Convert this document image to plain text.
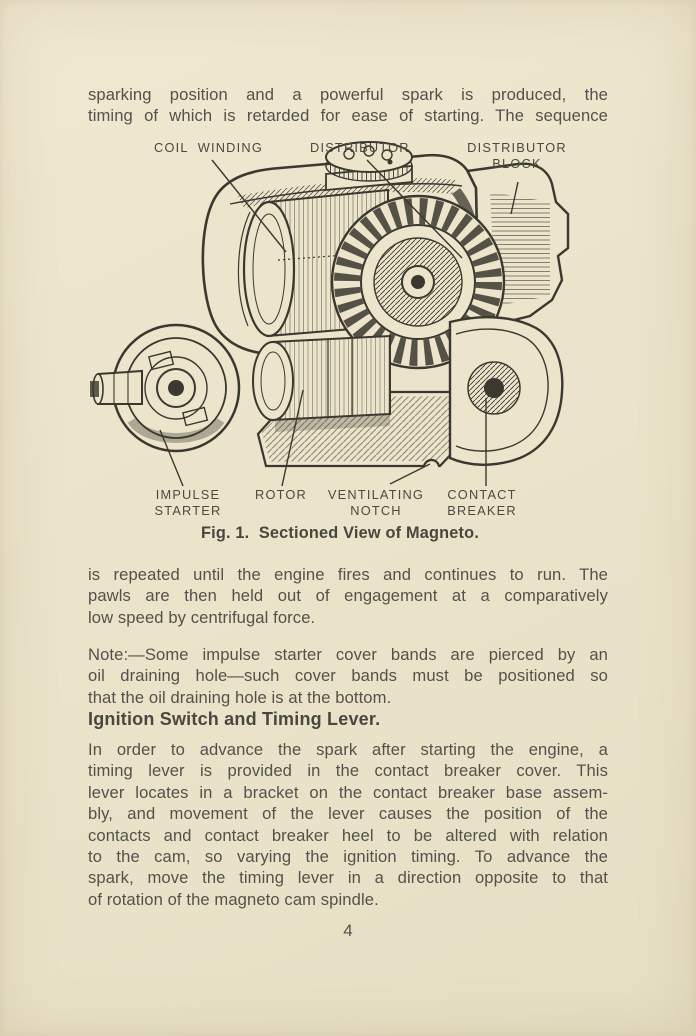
sparking position and a powerful spark is produced, the
timing of which is retarded for ease of starting. The sequence
COIL  WINDING	DISTRIBUTOR	DISTRIBUTOR
BLOCK
IMPULSE
STARTER
ROTOR	VENTILATING
NOTCH
CONTACT
BREAKER
Fig. 1.  Sectioned View of Magneto.
is repeated until the engine fires and continues to run. The
pawls are then held out of engagement at a comparatively
low speed by centrifugal force.
Note:—Some impulse starter cover bands are pierced by an
oil draining hole—such cover bands must be positioned so
that the oil draining hole is at the bottom.
Ignition Switch and Timing Lever.
In order to advance the spark after starting the engine, a
timing lever is provided in the contact breaker cover. This
lever locates in a bracket on the contact breaker base assem-
bly, and movement of the lever causes the position of the
contacts and contact breaker heel to be altered with relation
to the cam, so varying the ignition timing. To advance the
spark, move the timing lever in a direction opposite to that
of rotation of the magneto cam spindle.
4
